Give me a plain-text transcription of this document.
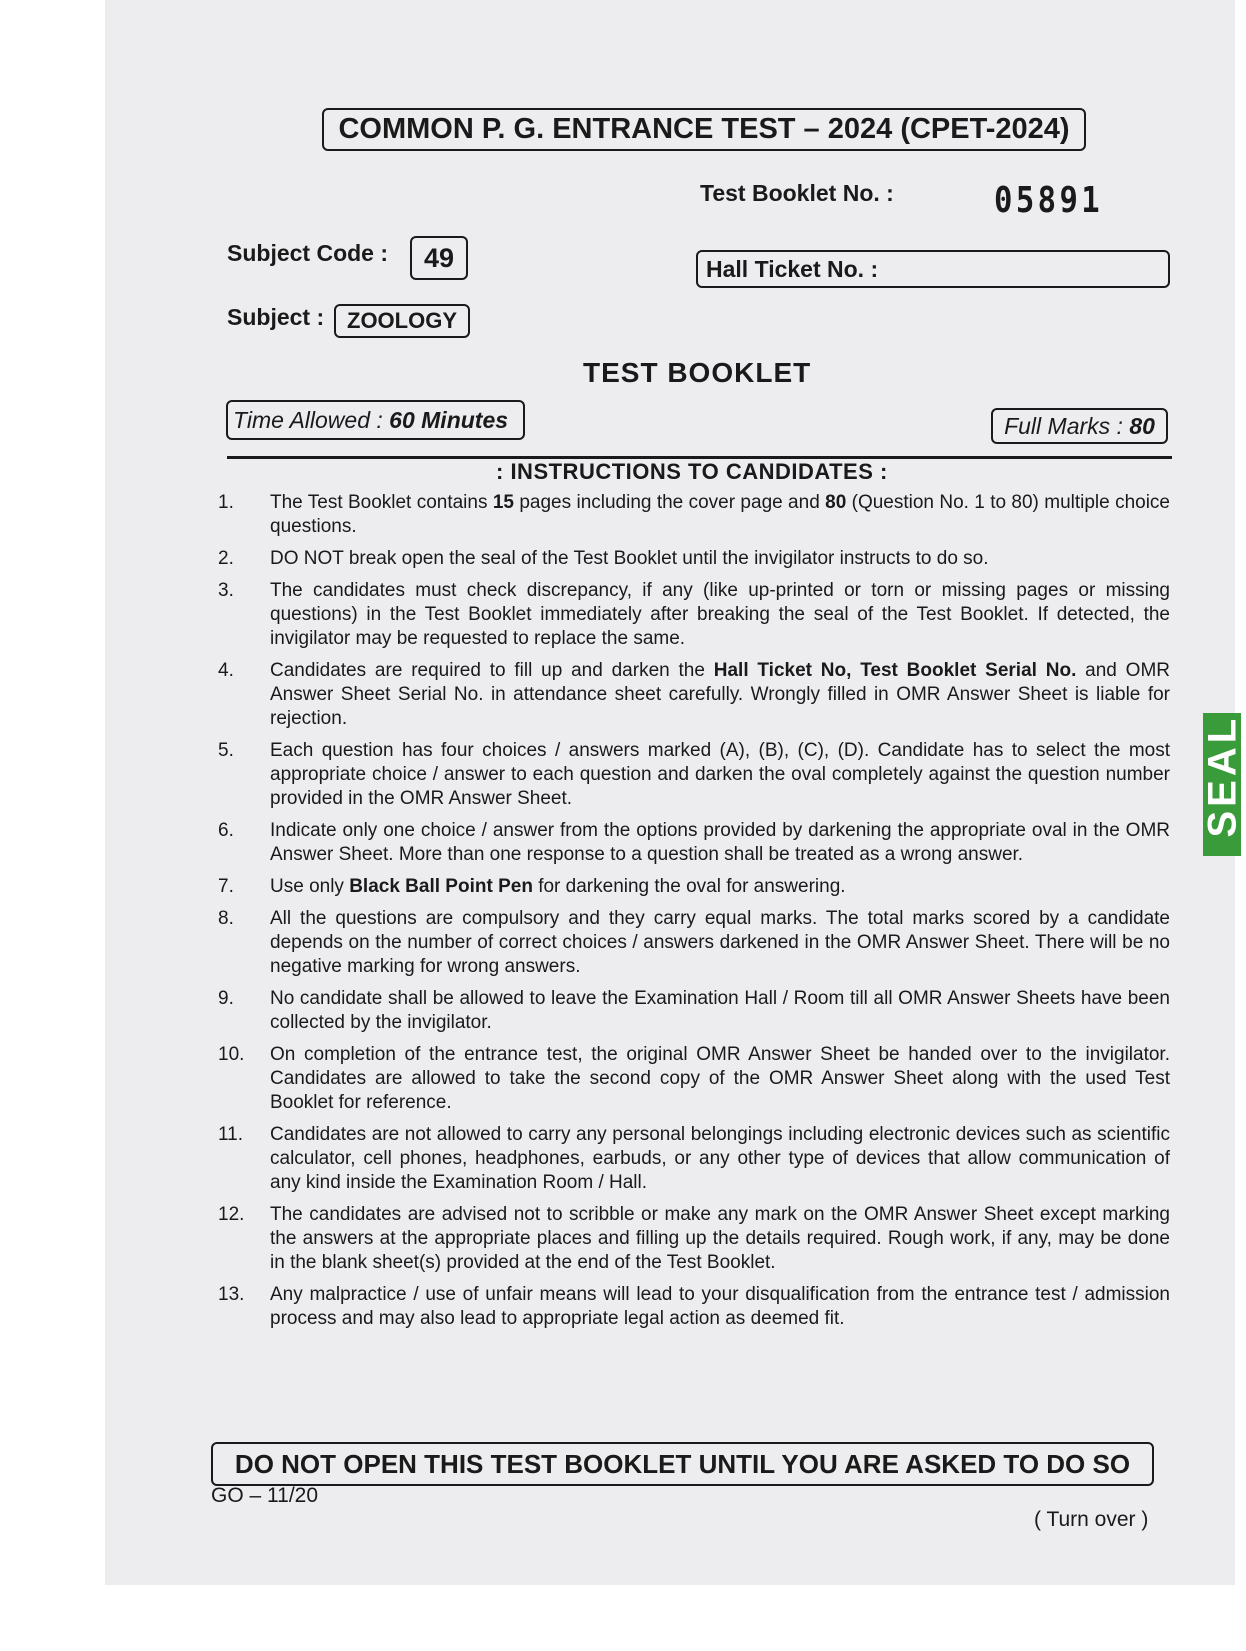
COMMON P. G. ENTRANCE TEST – 2024 (CPET-2024)
Test Booklet No. :	05891
Subject Code :	49	Hall Ticket No. :
Subject :	ZOOLOGY
TEST BOOKLET
Time Allowed : 60 Minutes	Full Marks : 80
: INSTRUCTIONS TO CANDIDATES :
1.	The Test Booklet contains 15 pages including the cover page and 80 (Question No. 1 to 80) multiple choice questions.
2.	DO NOT break open the seal of the Test Booklet until the invigilator instructs to do so.
3.	The candidates must check discrepancy, if any (like up-printed or torn or missing pages or missing questions) in the Test Booklet immediately after breaking the seal of the Test Booklet. If detected, the invigilator may be requested to replace the same.
4.	Candidates are required to fill up and darken the Hall Ticket No, Test Booklet Serial No. and OMR Answer Sheet Serial No. in attendance sheet carefully. Wrongly filled in OMR Answer Sheet is liable for rejection.
5.	Each question has four choices / answers marked (A), (B), (C), (D). Candidate has to select the most appropriate choice / answer to each question and darken the oval completely against the question number provided in the OMR Answer Sheet.
6.	Indicate only one choice / answer from the options provided by darkening the appropriate oval in the OMR Answer Sheet. More than one response to a question shall be treated as a wrong answer.
7.	Use only Black Ball Point Pen for darkening the oval for answering.
8.	All the questions are compulsory and they carry equal marks. The total marks scored by a candidate depends on the number of correct choices / answers darkened in the OMR Answer Sheet. There will be no negative marking for wrong answers.
9.	No candidate shall be allowed to leave the Examination Hall / Room till all OMR Answer Sheets have been collected by the invigilator.
10.	On completion of the entrance test, the original OMR Answer Sheet be handed over to the invigilator. Candidates are allowed to take the second copy of the OMR Answer Sheet along with the used Test Booklet for reference.
11.	Candidates are not allowed to carry any personal belongings including electronic devices such as scientific calculator, cell phones, headphones, earbuds, or any other type of devices that allow communication of any kind inside the Examination Room / Hall.
12.	The candidates are advised not to scribble or make any mark on the OMR Answer Sheet except marking the answers at the appropriate places and filling up the details required. Rough work, if any, may be done in the blank sheet(s) provided at the end of the Test Booklet.
13.	Any malpractice / use of unfair means will lead to your disqualification from the entrance test / admission process and may also lead to appropriate legal action as deemed fit.
DO NOT OPEN THIS TEST BOOKLET UNTIL YOU ARE ASKED TO DO SO
GO – 11/20
( Turn over )
SEAL
